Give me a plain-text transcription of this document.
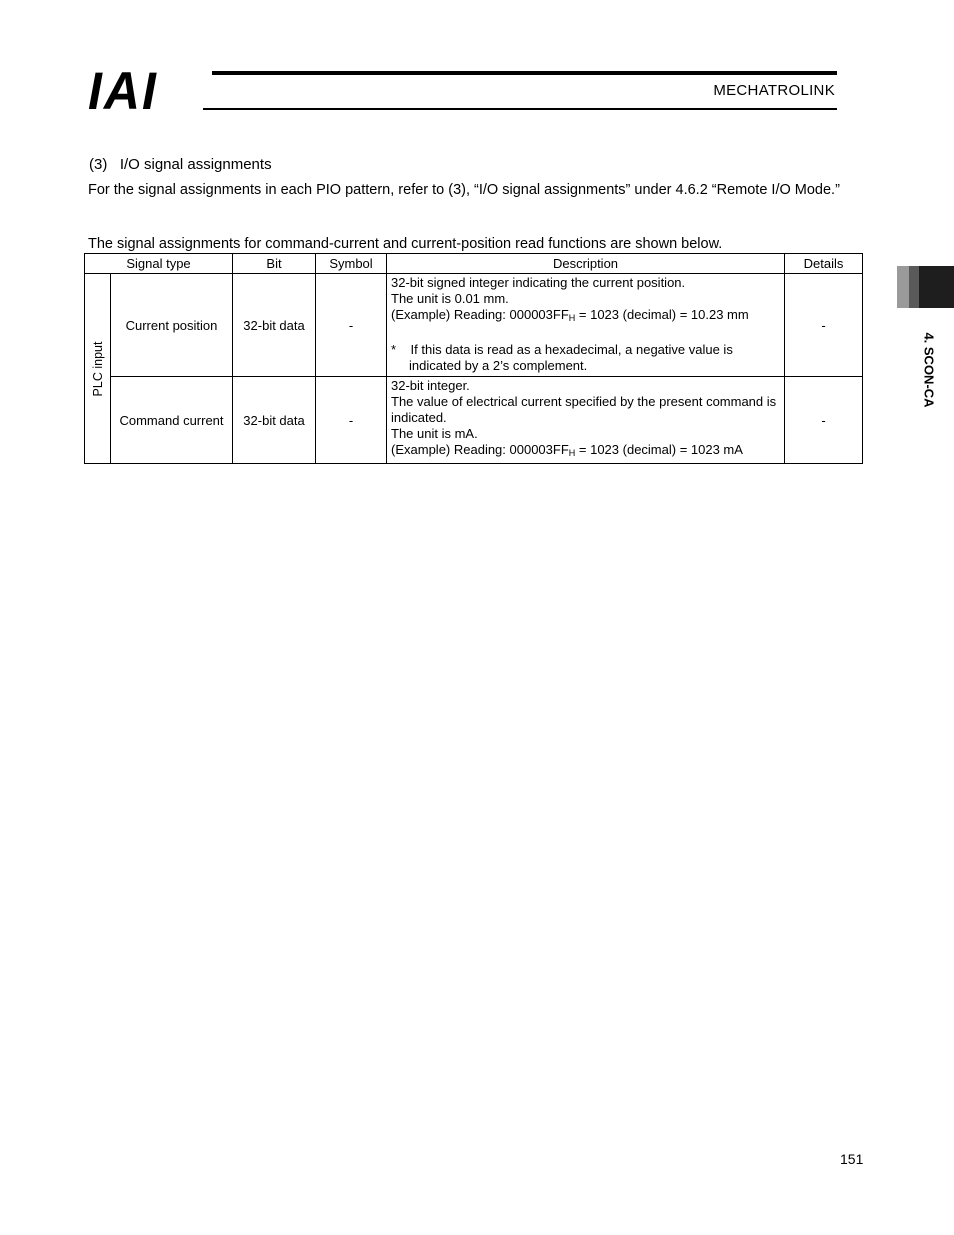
IAI	MECHATROLINK
(3)   I/O signal assignments
For the signal assignments in each PIO pattern, refer to (3), “I/O signal assignments” under 4.6.2 “Remote I/O Mode.”
The signal assignments for command-current and current-position read functions are shown below.
Signal type		Bit	Symbol	Description	Details

PLC input	Current position	32-bit data	-	32-bit signed integer indicating the current position.
The unit is 0.01 mm.
(Example) Reading: $000003FF_H = 1023$ (decimal) = 10.23 mm
*    If this data is read as a hexadecimal, a negative value is indicated by a 2’s complement.	-
	Command current	32-bit data	-	32-bit integer.
The value of electrical current specified by the present command is indicated.
The unit is mA.
(Example) Reading: $000003FF_H = 1023$ (decimal) = 1023 mA	-
4. SCON-CA
151
